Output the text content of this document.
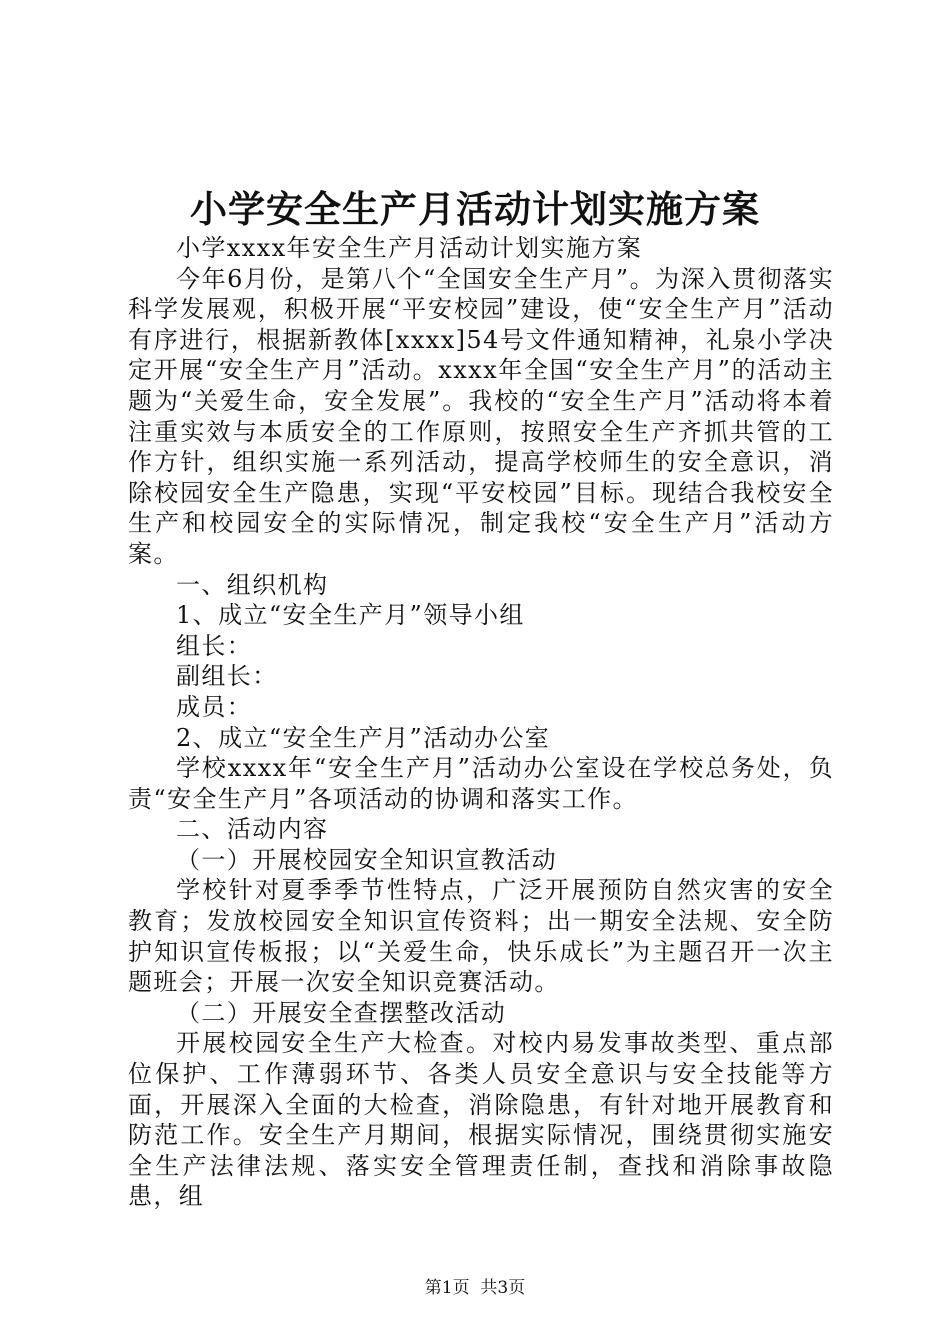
小学安全生产月活动计划实施方案

小学xxxx年安全生产月活动计划实施方案

今年6月份，是第八个“全国安全生产月”。为深入贯彻落实科学发展观，积极开展“平安校园”建设，使“安全生产月”活动有序进行，根据新教体[xxxx]54号文件通知精神，礼泉小学决定开展“安全生产月”活动。xxxx年全国“安全生产月”的活动主题为“关爱生命，安全发展”。我校的“安全生产月”活动将本着注重实效与本质安全的工作原则，按照安全生产齐抓共管的工作方针，组织实施一系列活动，提高学校师生的安全意识，消除校园安全生产隐患，实现“平安校园”目标。现结合我校安全生产和校园安全的实际情况，制定我校“安全生产月”活动方案。

一、组织机构

1、成立“安全生产月”领导小组

组长：

副组长：

成员：

2、成立“安全生产月”活动办公室

学校xxxx年“安全生产月”活动办公室设在学校总务处，负责“安全生产月”各项活动的协调和落实工作。

二、活动内容

（一）开展校园安全知识宣教活动

学校针对夏季季节性特点，广泛开展预防自然灾害的安全教育；发放校园安全知识宣传资料；出一期安全法规、安全防护知识宣传板报；以“关爱生命，快乐成长”为主题召开一次主题班会；开展一次安全知识竞赛活动。

（二）开展安全查摆整改活动

开展校园安全生产大检查。对校内易发事故类型、重点部位保护、工作薄弱环节、各类人员安全意识与安全技能等方面，开展深入全面的大检查，消除隐患，有针对地开展教育和防范工作。安全生产月期间，根据实际情况，围绕贯彻实施安全生产法律法规、落实安全管理责任制，查找和消除事故隐患，组

第1页  共3页
